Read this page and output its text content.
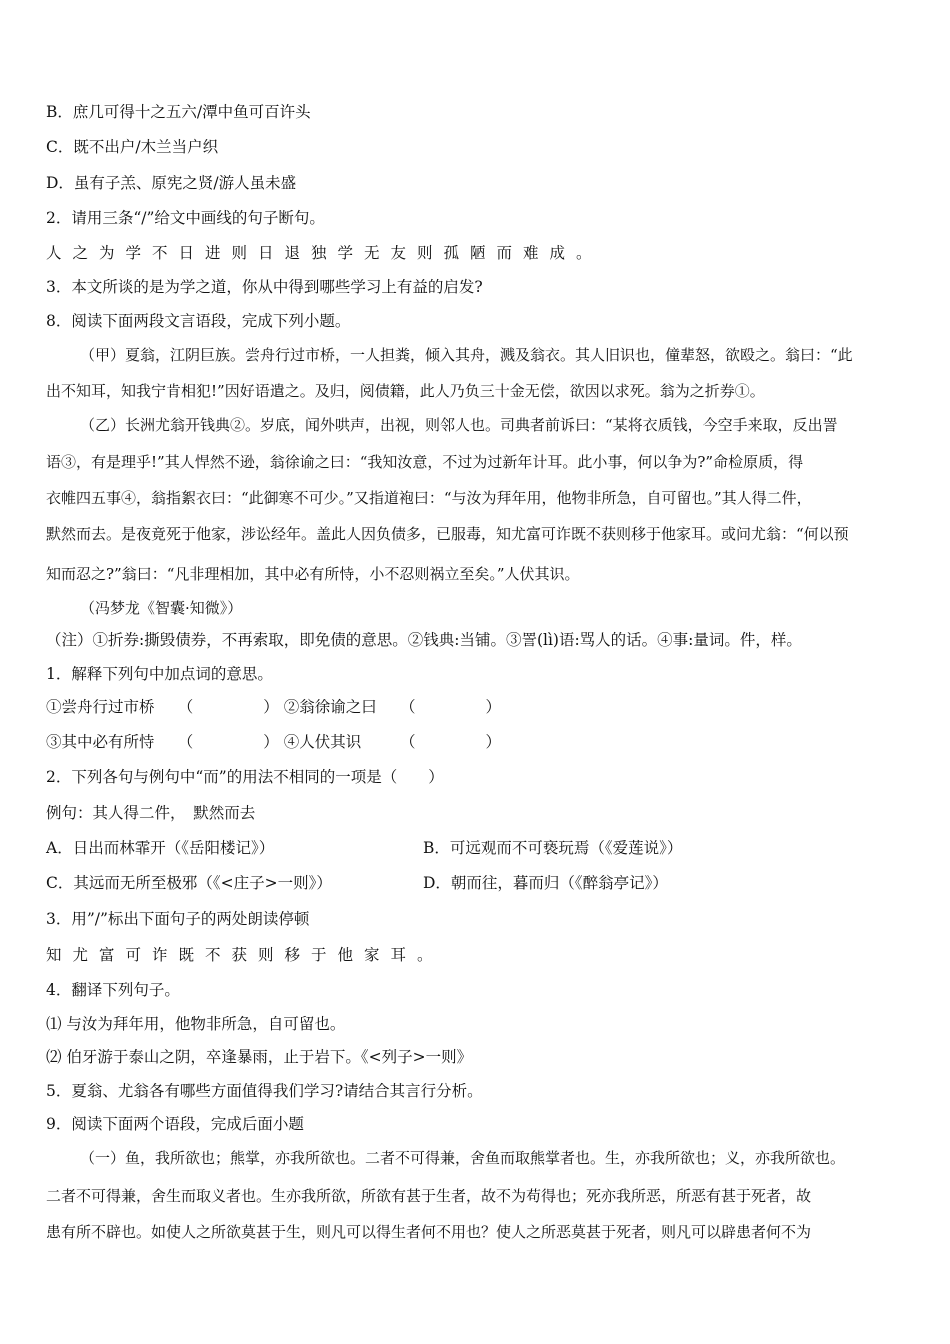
B．庶几可得十之五六/潭中鱼可百许头
C．既不出户/木兰当户织
D．虽有子羔、原宪之贤/游人虽未盛
2．请用三条“/”给文中画线的句子断句。
人之为学不日进则日退独学无友则孤陋而难成。
3．本文所谈的是为学之道，你从中得到哪些学习上有益的启发?
8．阅读下面两段文言语段，完成下列小题。
（甲）夏翁，江阴巨族。尝舟行过市桥，一人担粪，倾入其舟，溅及翁衣。其人旧识也，僮辈怒，欲殴之。翁曰：“此
出不知耳，知我宁肯相犯!”因好语遣之。及归，阅债籍，此人乃负三十金无偿，欲因以求死。翁为之折券①。
（乙）长洲尤翁开钱典②。岁底，闻外哄声，出视，则邻人也。司典者前诉曰：“某将衣质钱，今空手来取，反出詈
语③，有是理乎!”其人悍然不逊，翁徐谕之曰：“我知汝意，不过为过新年计耳。此小事，何以争为?”命检原质，得
衣帷四五事④，翁指絮衣曰：“此御寒不可少。”又指道袍曰：“与汝为拜年用，他物非所急，自可留也。”其人得二件，
默然而去。是夜竟死于他家，涉讼经年。盖此人因负债多，已服毒，知尤富可诈既不获则移于他家耳。或问尤翁：“何以预
知而忍之?”翁曰：“凡非理相加，其中必有所恃，小不忍则祸立至矣。”人伏其识。
（冯梦龙《智囊·知微》）
（注）①折券:撕毁债券，不再索取，即免债的意思。②钱典:当铺。③詈(lì)语:骂人的话。④事:量词。件，样。
1．解释下列句中加点词的意思。
①尝舟行过市桥　　 （	） ②翁徐谕之曰　　 （	）
③其中必有所恃　　 （	） ④人伏其识　　　	（	）
2．下列各句与例句中“而”的用法不相同的一项是（　　）
例句：其人得二件，　默然而去
A．日出而林霏开（《岳阳楼记》）	B．可远观而不可亵玩焉（《爱莲说》）
C．其远而无所至极邪（《<庄子>一则》）	D．朝而往，暮而归（《醉翁亭记》）
3．用”/”标出下面句子的两处朗读停顿
知尤富可诈既不获则移于他家耳。
4．翻译下列句子。
⑴ 与汝为拜年用，他物非所急，自可留也。
⑵ 伯牙游于泰山之阴，卒逢暴雨，止于岩下。《<列子>一则》
5．夏翁、尤翁各有哪些方面值得我们学习?请结合其言行分析。
9．阅读下面两个语段，完成后面小题
（一）鱼，我所欲也；熊掌，亦我所欲也。二者不可得兼，舍鱼而取熊掌者也。生，亦我所欲也；义，亦我所欲也。
二者不可得兼，舍生而取义者也。生亦我所欲，所欲有甚于生者，故不为苟得也；死亦我所恶，所恶有甚于死者，故
患有所不辟也。如使人之所欲莫甚于生，则凡可以得生者何不用也？使人之所恶莫甚于死者，则凡可以辟患者何不为
